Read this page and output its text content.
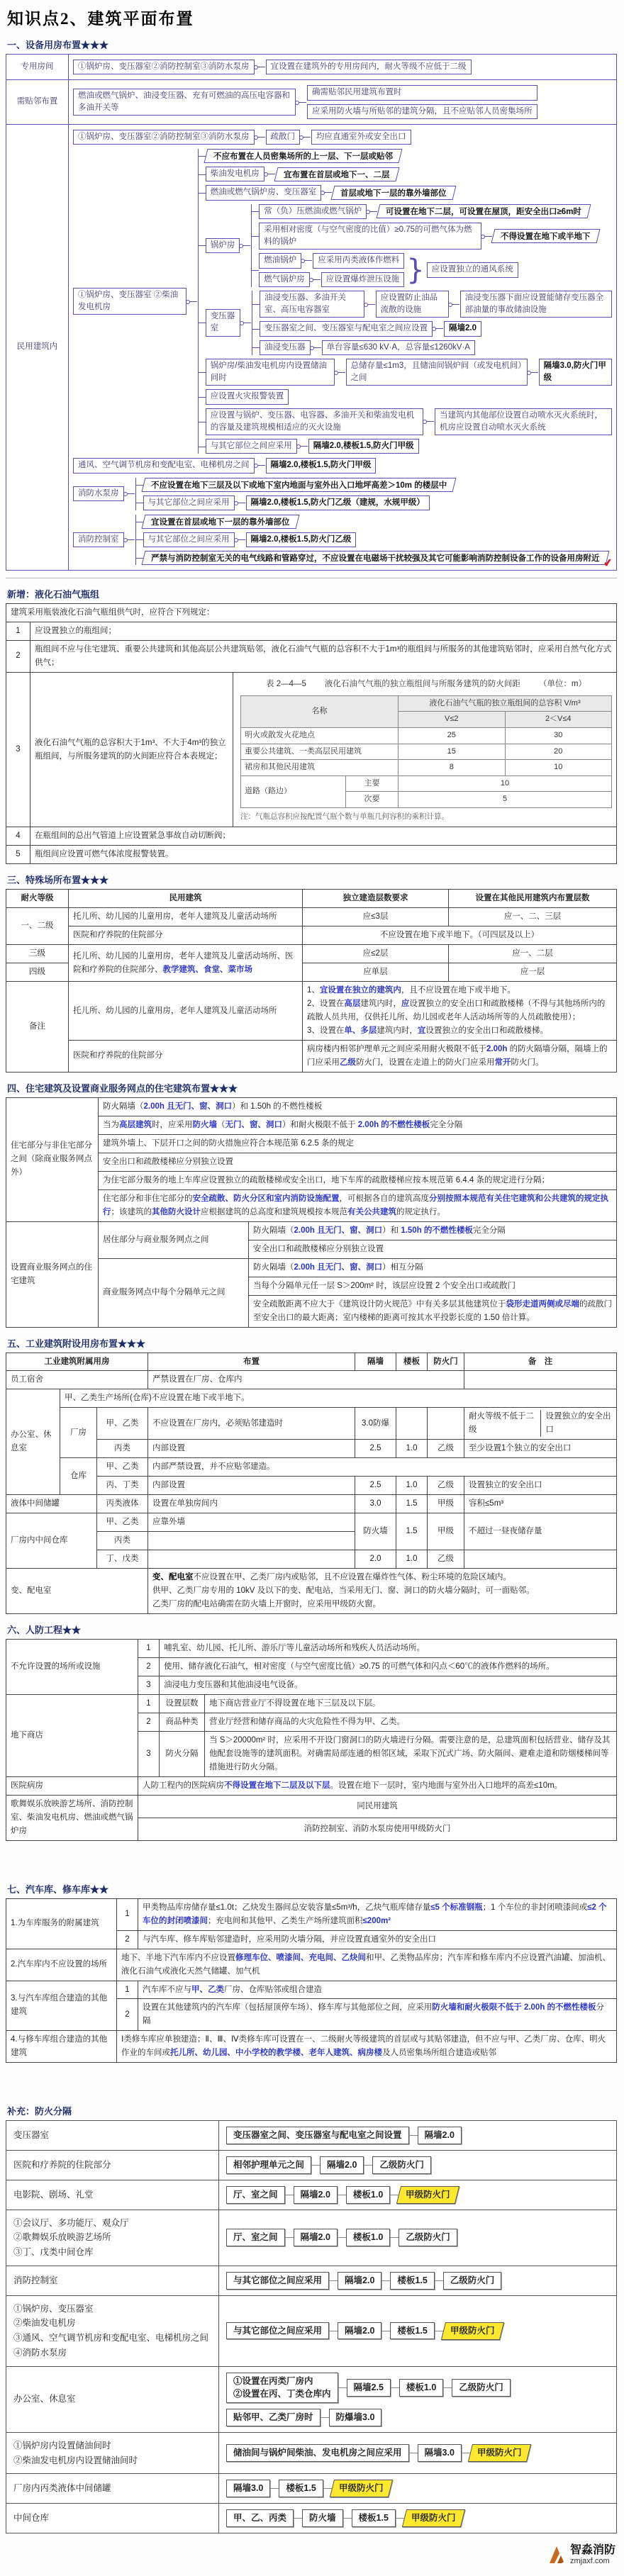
知识点2、建筑平面布置
一、设备用房布置★★★
专用房间	①锅炉房、变压器室②消防控制室③消防水泵房	宜设置在建筑外的专用房间内，耐火等级不应低于二级
需贴邻布置
燃油或燃气锅炉、油浸变压器、充有可燃油的高压电容器和多油开关等
确需贴邻民用建筑布置时
应采用防火墙与所贴邻的建筑分隔，且不应贴邻人员密集场所
民用建筑内
①锅炉房、变压器室②消防控制室③消防水泵房	疏散门	均应直通室外或安全出口
①锅炉房、变压器室 ②柴油发电机房
不应布置在人员密集场所的上一层、下一层或贴邻
柴油发电机房	宜布置在首层或地下一、二层
燃油或燃气锅炉房、变压器室	首层或地下一层的靠外墙部位
锅炉房
常（负）压燃油或燃气锅炉	可设置在地下二层，可设置在屋顶，距安全出口≥6m时
采用相对密度（与空气密度的比值）≥0.75的可燃气体为燃料的锅炉
不得设置在地下或半地下
燃油锅炉	应采用丙类液体作燃料
燃气锅炉房	应设置爆炸泄压设施 } 应设置独立的通风系统
变压器室
油浸变压器、多油开关室、高压电容器室
应设置防止油品流散的设施
油浸变压器下面应设置能储存变压器全部油量的事故储油设施
变压器室之间、变压器室与配电室之间应设置	隔墙2.0
油浸变压器	单台容量≤630 kV·A，总容量≤1260kV·A
锅炉房/柴油发电机房内设置储油间时
总储存量≤1m3，且储油间锅炉间（或发电机间）之间
隔墙3.0,防火门甲级
应设置火灾报警装置
应设置与锅炉、变压器、电容器、多油开关和柴油发电机的容量及建筑规模相适应的灭火设施
当建筑内其他部位设置自动喷水灭火系统时，机房应设置自动喷水灭火系统
与其它部位之间应采用	隔墙2.0,楼板1.5,防火门甲级
通风、空气调节机房和变配电室、电梯机房之间	隔墙2.0,楼板1.5,防火门甲级
消防水泵房
不应设置在地下三层及以下或地下室内地面与室外出入口地坪高差＞10m 的楼层中
与其它部位之间应采用	隔墙2.0,楼板1.5,防火门乙级（建规，水规甲级）
消防控制室
宜设置在首层或地下一层的靠外墙部位
与其它部位之间应采用	隔墙2.0,楼板1.5,防火门乙级
严禁与消防控制室无关的电气线路和管路穿过，不应设置在电磁场干扰较强及其它可能影响消防控制设备工作的设备用房附近 ✔
新增：液化石油气瓶组
建筑采用瓶装液化石油气瓶组供气时，应符合下列规定：
1	应设置独立的瓶组间；
2	瓶组间不应与住宅建筑、重要公共建筑和其他高层公共建筑贴邻，液化石油气气瓶的总容积不大于1m³的瓶组间与所服务的其他建筑贴邻时，应采用自然气化方式供气；
3	液化石油气气瓶的总容积大于1m³、不大于4m³的独立瓶组间，与所服务建筑的防火间距应符合本表规定；	
表 2—4—5 液化石油气气瓶的独立瓶组间与所服务建筑的防火间距 （单位：m）
名称	液化石油气气瓶的独立瓶组间的总容积 V/m³
V≤2	2＜V≤4
明火或散发火花地点	25	30
重要公共建筑、一类高层民用建筑	15	20
裙房和其他民用建筑	8	10
道路（路边）	主要	10
次要	5
注：气瓶总容积应按配置气瓶个数与单瓶几何容积的乘积计算。

4	在瓶组间的总出气管道上应设置紧急事故自动切断阀；
5	瓶组间应设置可燃气体浓度报警装置。
三、特殊场所布置★★★
耐火等级	民用建筑	独立建造层数要求	设置在其他民用建筑内布置层数
一、二级	托儿所、幼儿园的儿童用房，老年人建筑及儿童活动场所	应≤3层	应一、二、三层
	医院和疗养院的住院部分	不应设置在地下或半地下。（可四层及以上）	
三级	托儿所、幼儿园的儿童用房，老年人建筑及儿童活动场所、医院和疗养院的住院部分、教学建筑、食堂、菜市场	应≤2层	应一、二层
四级		应单层	应一层
备注	托儿所、幼儿园的儿童用房，老年人建筑及儿童活动场所	1、宜设置在独立的建筑内，且不应设置在地下或半地下。
2、设置在高层建筑内时，应设置独立的安全出口和疏散楼梯（不得与其他场所内的疏散人员共用，仅供托儿所、幼儿园或老年人活动场所等的人员疏散使用）；
3、设置在单、多层建筑内时，宜设置独立的安全出口和疏散楼梯。	

	医院和疗养院的住院部分	病房楼内相邻护理单元之间应采用耐火极限不低于2.00h 的防火隔墙分隔，隔墙上的门应采用乙级防火门，设置在走道上的防火门应采用常开防火门。	
四、住宅建筑及设置商业服务网点的住宅建筑布置★★★
住宅部分与非住宅部分之间（除商业服务网点外）	防火隔墙（2.00h 且无门、窗、洞口）和 1.50h 的不燃性楼板	
	当为高层建筑时，应采用防火墙（无门、窗、洞口）和耐火极限不低于 2.00h 的不燃性楼板完全分隔	
	建筑外墙上、下层开口之间的防火措施应符合本规范第 6.2.5 条的规定	
	安全出口和疏散楼梯应分别独立设置	
	为住宅部分服务的地上车库应设置独立的疏散楼梯或安全出口，地下车库的疏散楼梯应按本规范第 6.4.4 条的规定进行分隔；	
	住宅部分和非住宅部分的安全疏散、防火分区和室内消防设施配置，可根据各自的建筑高度分别按照本规范有关住宅建筑和公共建筑的规定执行；该建筑的其他防火设计应根据建筑的总高度和建筑规模按本规范有关公共建筑的规定执行。	
设置商业服务网点的住宅建筑	居住部分与商业服务网点之间	防火隔墙（2.00h 且无门、窗、洞口）和 1.50h 的不燃性楼板完全分隔
		安全出口和疏散楼梯应分别独立设置
	商业服务网点中每个分隔单元之间	防火隔墙（2.00h 且无门、窗、洞口）相互分隔
		当每个分隔单元任一层 S＞200m² 时，该层应设置 2 个安全出口或疏散门
		安全疏散距离不应大于《建筑设计防火规范》中有关多层其他建筑位于袋形走道两侧或尽端的疏散门至安全出口的最大距离；室内楼梯的距离可按其水平投影长度的 1.50 倍计算。
五、工业建筑附设用房布置★★★
工业建筑附属用房			布置	隔墙	楼板	防火门	备　注
员工宿舍			严禁设置在厂房、仓库内				
办公室、休息室	甲、乙类生产场所(仓库)不应设置在地下或半地下。						
	厂房	甲、乙类	不应设置在厂房内，必须贴邻建造时	3.0防爆			耐火等级不低于二级
设置独立的安全出口

		丙类	内部设置	2.5	1.0	乙级	至少设置1个独立的安全出口
	仓库	甲、乙类	内部严禁设置，并不应贴邻建造。				
		丙、丁类	内部设置	2.5	1.0	乙级	设置独立的安全出口
液体中间储罐		丙类液体	设置在单独房间内	3.0	1.5	甲级	容积≤5m³
厂房内中间仓库		甲、乙类	应靠外墙	防火墙	1.5	甲级	不超过一昼夜储存量
		丙类					
		丁、戊类		2.0	1.0	乙级	
变、配电室			变、配电室不应设置在甲、乙类厂房内或贴邻，且不应设置在爆炸性气体、粉尘环境的危险区域内。
供甲、乙类厂房专用的 10kV 及以下的变、配电站，当采用无门、窗、洞口的防火墙分隔时，可一面贴邻。
乙类厂房的配电站确需在防火墙上开窗时，应采用甲级防火窗。				
六、人防工程★★
不允许设置的场所或设施	1	哺乳室、幼儿园、托儿所、游乐厅等儿童活动场所和残疾人员活动场所。	
	2	使用、储存液化石油气，相对密度（与空气密度比值）≥0.75 的可燃气体和闪点＜60℃的液体作燃料的场所。	
	3	油浸电力变压器和其他油浸电气设备。	
地下商店	1	设置层数	地下商店营业厅不得设置在地下三层及以下层。
	2	商品种类	营业厅经营和储存商品的火灾危险性不得为甲、乙类。
	3	防火分隔	当 S＞20000m² 时，应采用不开设门窗洞口的防火墙进行分隔。需要注意的是，总建筑面积包括营业、储存及其他配套设施等的建筑面积。对确需局部连通的相邻区域，采取下沉式广场、防火隔间、避难走道和防烟楼梯间等措施进行防火分隔。
医院病房	人防工程内的医院病房不得设置在地下二层及以下层。设置在地下一层时，室内地面与室外出入口地坪的高差≤10m。		
歌舞娱乐放映游艺场所、消防控制室、柴油发电机房、燃油或燃气锅炉房	同民用建筑		
	消防控制室、消防水泵房使用甲级防火门		
七、汽车库、修车库★★
1.为车库服务的附属建筑	1	甲类物品库房储存量≤1.0t；乙炔发生器间总安装容量≤5m³/h，乙炔气瓶库储存量≤5 个标准钢瓶；1 个车位的非封闭喷漆间或≤2 个车位的封闭喷漆间；充电间和其他甲、乙类生产场所建筑面积≤200m²
	2	与汽车库、修车库贴邻建造时，应采用防火墙分隔，并应设置直通室外的安全出口
2.汽车库内不应设置的场所	地下、半地下汽车库内不应设置修理车位、喷漆间、充电间、乙炔间和甲、乙类物品库房；汽车库和修车库内不应设置汽油罐、加油机、液化石油气或液化天然气储罐、加气机	
3.与汽车库组合建造的其他建筑	1	汽车库不应与甲、乙类厂房、仓库贴邻或组合建造
	2	设置在其他建筑内的汽车库（包括屋顶停车场）、修车库与其他部位之间，应采用防火墙和耐火极限不低于 2.00h 的不燃性楼板分隔
4.与修车库组合建造的其他建筑	Ⅰ类修车库应单独建造；Ⅱ、Ⅲ、Ⅳ类修车库可设置在一、二级耐火等级建筑的首层或与其贴邻建造，但不应与甲、乙类厂房、仓库、明火作业的车间或托儿所、幼儿园、中小学校的教学楼、老年人建筑、病房楼及人员密集场所组合建造或贴邻	
补充：防火分隔
变压器室	变压器室之间、变压器室与配电室之间设置	隔墙2.0
医院和疗养院的住院部分	相邻护理单元之间	隔墙2.0	乙级防火门
电影院、剧场、礼堂	厅、室之间	隔墙2.0	楼板1.0	甲级防火门
①会议厅、多功能厅、观众厅
②歌舞娱乐放映游艺场所
③丁、戊类中间仓库
厅、室之间	隔墙2.0	楼板1.0	乙级防火门
消防控制室	与其它部位之间应采用	隔墙2.0	楼板1.5	乙级防火门
①锅炉房、变压器室
②柴油发电机房
③通风、空气调节机房和变配电室、电梯机房之间
④消防水泵房
与其它部位之间应采用	隔墙2.0	楼板1.5	甲级防火门
办公室、休息室
①设置在丙类厂房内
②设置在丙、丁类仓库内
隔墙2.5	楼板1.0	乙级防火门
贴邻甲、乙类厂房时	防爆墙3.0
①锅炉房内设置储油间时
②柴油发电机房内设置储油间时
储油间与锅炉间柴油、发电机房之间应采用	隔墙3.0	甲级防火门
厂房内丙类液体中间储罐	隔墙3.0	楼板1.5	甲级防火门
中间仓库	甲、乙、丙类	防火墙	楼板1.5	甲级防火门
智淼消防
zmjaxf.com
